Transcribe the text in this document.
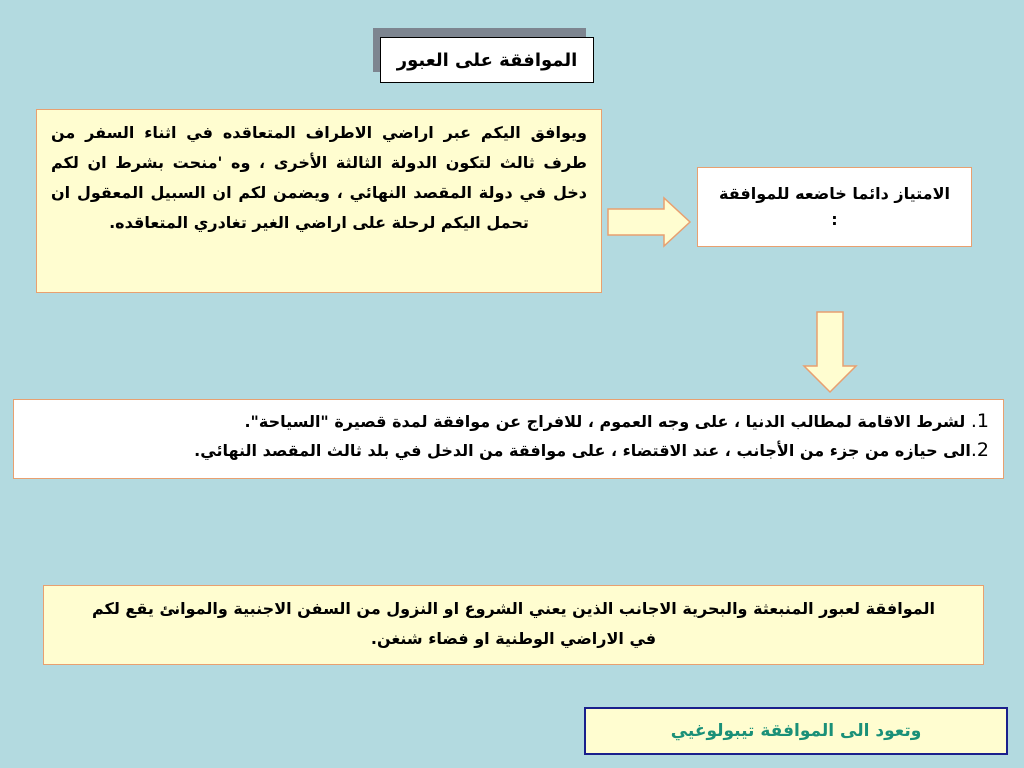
الموافقة على العبور
ويوافق اليكم عبر اراضي الاطراف المتعاقده في اثناء السفر من طرف ثالث لتكون الدولة الثالثة الأخرى ، وه 'منحت بشرط ان لكم دخل في دولة المقصد النهائي ، ويضمن لكم ان السبيل المعقول ان تحمل اليكم لرحلة على اراضي الغير تغادري المتعاقده.
الامتياز دائما خاضعه للموافقة :
1. لشرط الاقامة لمطالب الدنيا ، على وجه العموم ، للافراج عن موافقة لمدة قصيرة "السياحة".
2.الى حيازه من جزء من الأجانب ، عند الاقتضاء ، على موافقة من الدخل في بلد ثالث المقصد النهائي.
الموافقة لعبور المنبعثة والبحرية الاجانب الذين يعني الشروع او النزول من السفن الاجنبية والموانئ يقع لكم في الاراضي الوطنية او فضاء شنغن.
وتعود الى الموافقة تيبولوغيي
